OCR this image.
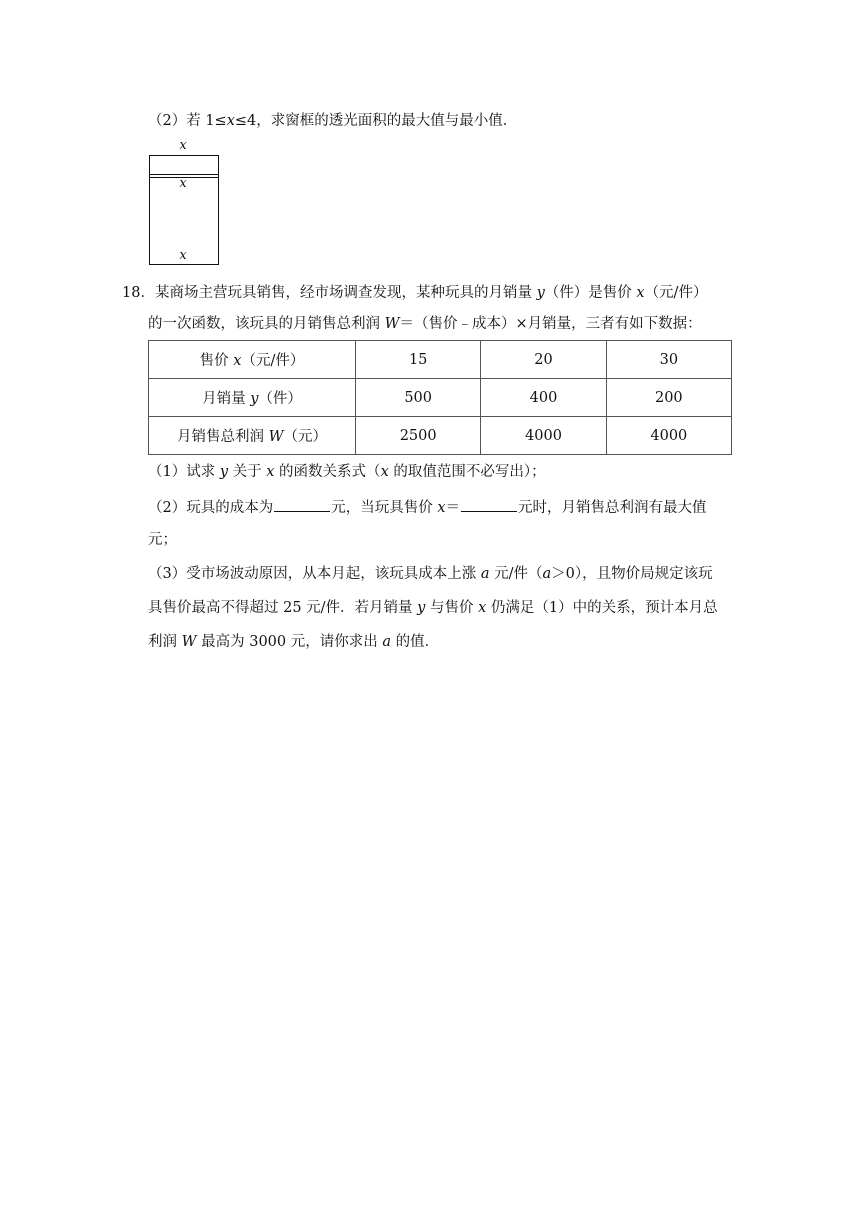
（2）若 1≤x≤4，求窗框的透光面积的最大值与最小值．
x
x
x
18．某商场主营玩具销售，经市场调查发现，某种玩具的月销量 y（件）是售价 x（元/件）
的一次函数，该玩具的月销售总利润 W＝（售价﹣成本）×月销量，三者有如下数据：
售价 x（元/件）	15	20	30
月销量 y（件）	500	400	200
月销售总利润 W（元）	2500	4000	4000
（1）试求 y 关于 x 的函数关系式（x 的取值范围不必写出）；
（2）玩具的成本为	元，当玩具售价 x＝	元时，月销售总利润有最大值
元；
（3）受市场波动原因，从本月起，该玩具成本上涨 a 元/件（a＞0），且物价局规定该玩
具售价最高不得超过 25 元/件．若月销量 y 与售价 x 仍满足（1）中的关系，预计本月总
利润 W 最高为 3000 元，请你求出 a 的值．
